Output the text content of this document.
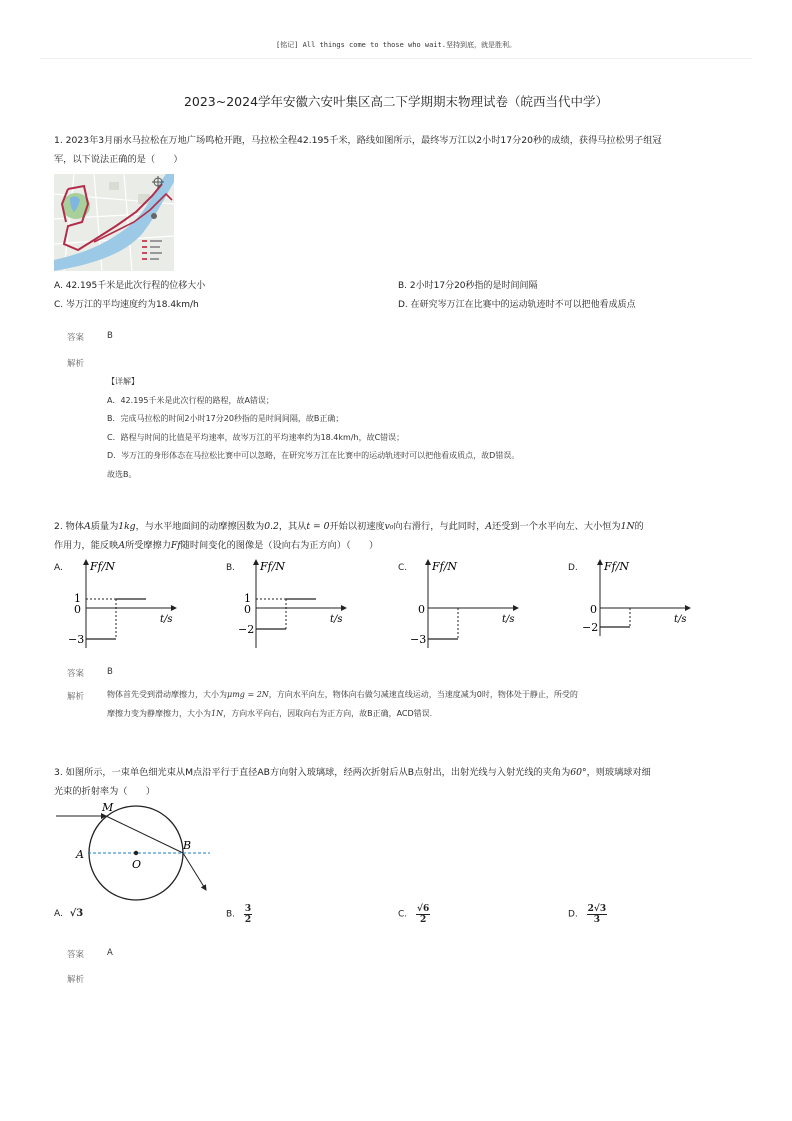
[铭记] All things come to those who wait.坚持到底，就是胜利。
2023~2024学年安徽六安叶集区高二下学期期末物理试卷（皖西当代中学）
1. 2023年3月丽水马拉松在万地广场鸣枪开跑，马拉松全程42.195千米，路线如图所示，最终岑万江以2小时17分20秒的成绩，获得马拉松男子组冠
军，以下说法正确的是（　　）
A. 42.195千米是此次行程的位移大小	B. 2小时17分20秒指的是时间间隔
C. 岑万江的平均速度约为18.4km/h	D. 在研究岑万江在比赛中的运动轨迹时不可以把他看成质点
答案	B
解析
【详解】
A．42.195千米是此次行程的路程，故A错误；
B．完成马拉松的时间2小时17分20秒指的是时间间隔，故B正确；
C．路程与时间的比值是平均速率，故岑万江的平均速率约为18.4km/h，故C错误；
D．岑万江的身形体态在马拉松比赛中可以忽略，在研究岑万江在比赛中的运动轨迹时可以把他看成质点，故D错误。
故选B。
2. 物体A质量为1kg，与水平地面间的动摩擦因数为0.2，其从t = 0开始以初速度v₀向右滑行，与此同时，A还受到一个水平向左、大小恒为1N的
作用力，能反映A所受摩擦力Ff随时间变化的图像是（设向右为正方向）（　　）
A.	B.	C.	D.
Ff/N
t/s
1
0
−3
Ff/N
t/s
1
0
−2
Ff/N
t/s
0
−3
Ff/N
t/s
0
−2
答案	B
解析	物体首先受到滑动摩擦力，大小为μmg = 2N，方向水平向左，物体向右做匀减速直线运动，当速度减为0时，物体处于静止，所受的
摩擦力变为静摩擦力，大小为1N，方向水平向右，因取向右为正方向，故B正确，ACD错误.
3. 如图所示，一束单色细光束从M点沿平行于直径AB方向射入玻璃球，经两次折射后从B点射出，出射光线与入射光线的夹角为60°，则玻璃球对细
光束的折射率为（　　）
M
A
O
B
A. √3	B. $\frac{3}{2}$	C. $\frac{√6}{2}$	D. $\frac{2√3}{3}$
答案	A
解析
